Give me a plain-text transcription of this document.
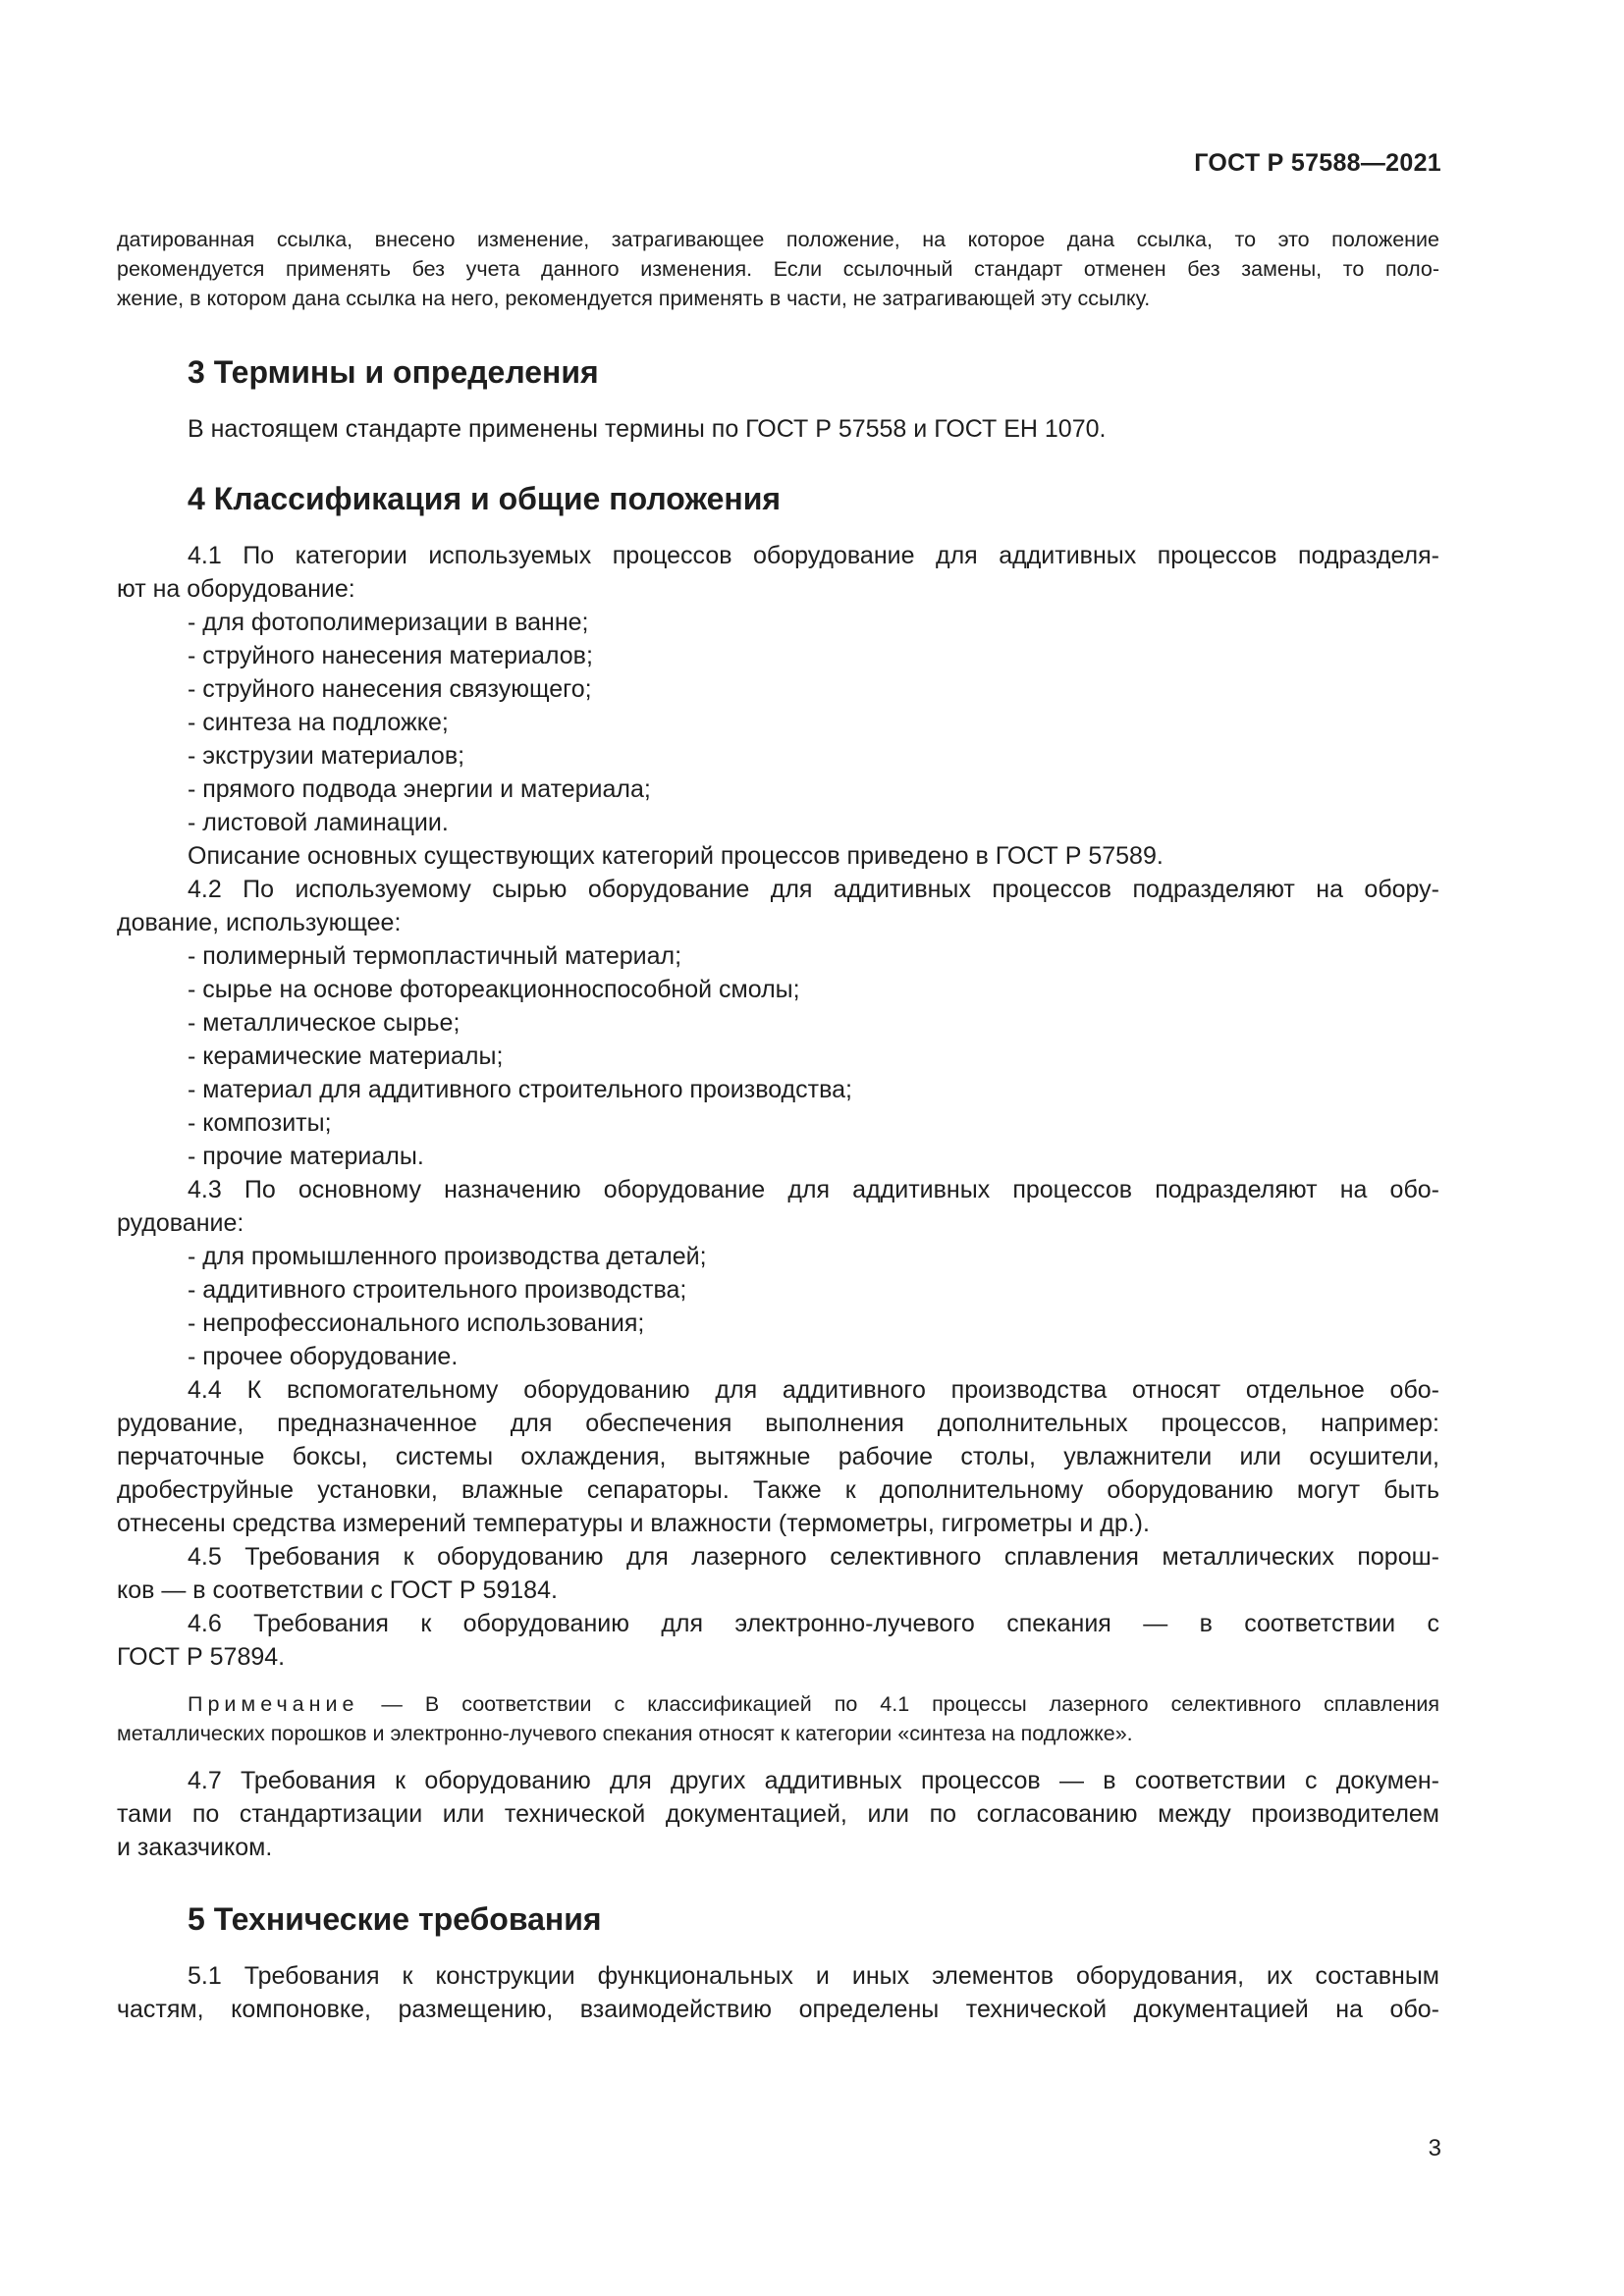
ГОСТ Р 57588—2021

датированная ссылка, внесено изменение, затрагивающее положение, на которое дана ссылка, то это положение

рекомендуется применять без учета данного изменения. Если ссылочный стандарт отменен без замены, то поло-

жение, в котором дана ссылка на него, рекомендуется применять в части, не затрагивающей эту ссылку.

3 Термины и определения

В настоящем стандарте применены термины по ГОСТ Р 57558 и ГОСТ ЕН 1070.

4 Классификация и общие положения

4.1 По категории используемых процессов оборудование для аддитивных процессов подразделя-

ют на оборудование:

- для фотополимеризации в ванне;

- струйного нанесения материалов;

- струйного нанесения связующего;

- синтеза на подложке;

- экструзии материалов;

- прямого подвода энергии и материала;

- листовой ламинации.

Описание основных существующих категорий процессов приведено в ГОСТ Р 57589.

4.2 По используемому сырью оборудование для аддитивных процессов подразделяют на обору-

дование, использующее:

- полимерный термопластичный материал;

- сырье на основе фотореакционноспособной смолы;

- металлическое сырье;

- керамические материалы;

- материал для аддитивного строительного производства;

- композиты;

- прочие материалы.

4.3 По основному назначению оборудование для аддитивных процессов подразделяют на обо-

рудование:

- для промышленного производства деталей;

- аддитивного строительного производства;

- непрофессионального использования;

- прочее оборудование.

4.4 К вспомогательному оборудованию для аддитивного производства относят отдельное обо-

рудование, предназначенное для обеспечения выполнения дополнительных процессов, например:

перчаточные боксы, системы охлаждения, вытяжные рабочие столы, увлажнители или осушители,

дробеструйные установки, влажные сепараторы. Также к дополнительному оборудованию могут быть

отнесены средства измерений температуры и влажности (термометры, гигрометры и др.).

4.5 Требования к оборудованию для лазерного селективного сплавления металлических порош-

ков — в соответствии с ГОСТ Р 59184.

4.6 Требования к оборудованию для электронно-лучевого спекания — в соответствии с

ГОСТ Р 57894.

Примечание — В соответствии с классификацией по 4.1 процессы лазерного селективного сплавления

металлических порошков и электронно-лучевого спекания относят к категории «синтеза на подложке».

4.7 Требования к оборудованию для других аддитивных процессов — в соответствии с докумен-

тами по стандартизации или технической документацией, или по согласованию между производителем

и заказчиком.

5 Технические требования

5.1 Требования к конструкции функциональных и иных элементов оборудования, их составным

частям, компоновке, размещению, взаимодействию определены технической документацией на обо-

3
